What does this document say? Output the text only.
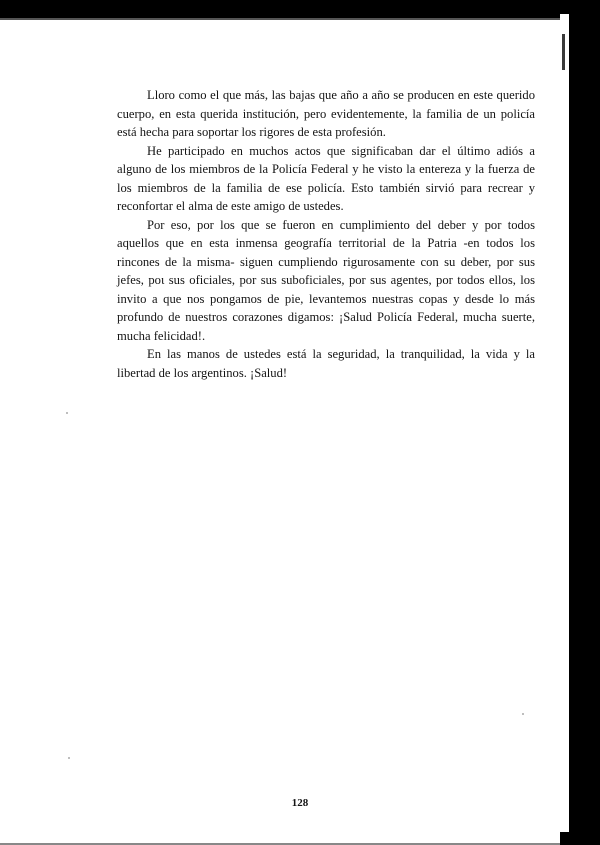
Lloro como el que más, las bajas que año a año se producen en este querido cuerpo, en esta querida institución, pero evidentemente, la familia de un policía está hecha para soportar los rigores de esta profesión.

He participado en muchos actos que significaban dar el último adiós a alguno de los miembros de la Policía Federal y he visto la entereza y la fuerza de los miembros de la familia de ese policía. Esto también sirvió para recrear y reconfortar el alma de este amigo de ustedes.

Por eso, por los que se fueron en cumplimiento del deber y por todos aquellos que en esta inmensa geografía territorial de la Patria -en todos los rincones de la misma- siguen cumpliendo rigurosamente con su deber, por sus jefes, poι sus oficiales, por sus suboficiales, por sus agentes, por todos ellos, los invito a que nos pongamos de pie, levantemos nuestras copas y desde lo más profundo de nuestros corazones digamos: ¡Salud Policía Federal, mucha suerte, mucha felicidad!.

En las manos de ustedes está la seguridad, la tranquilidad, la vida y la libertad de los argentinos. ¡Salud!

128
